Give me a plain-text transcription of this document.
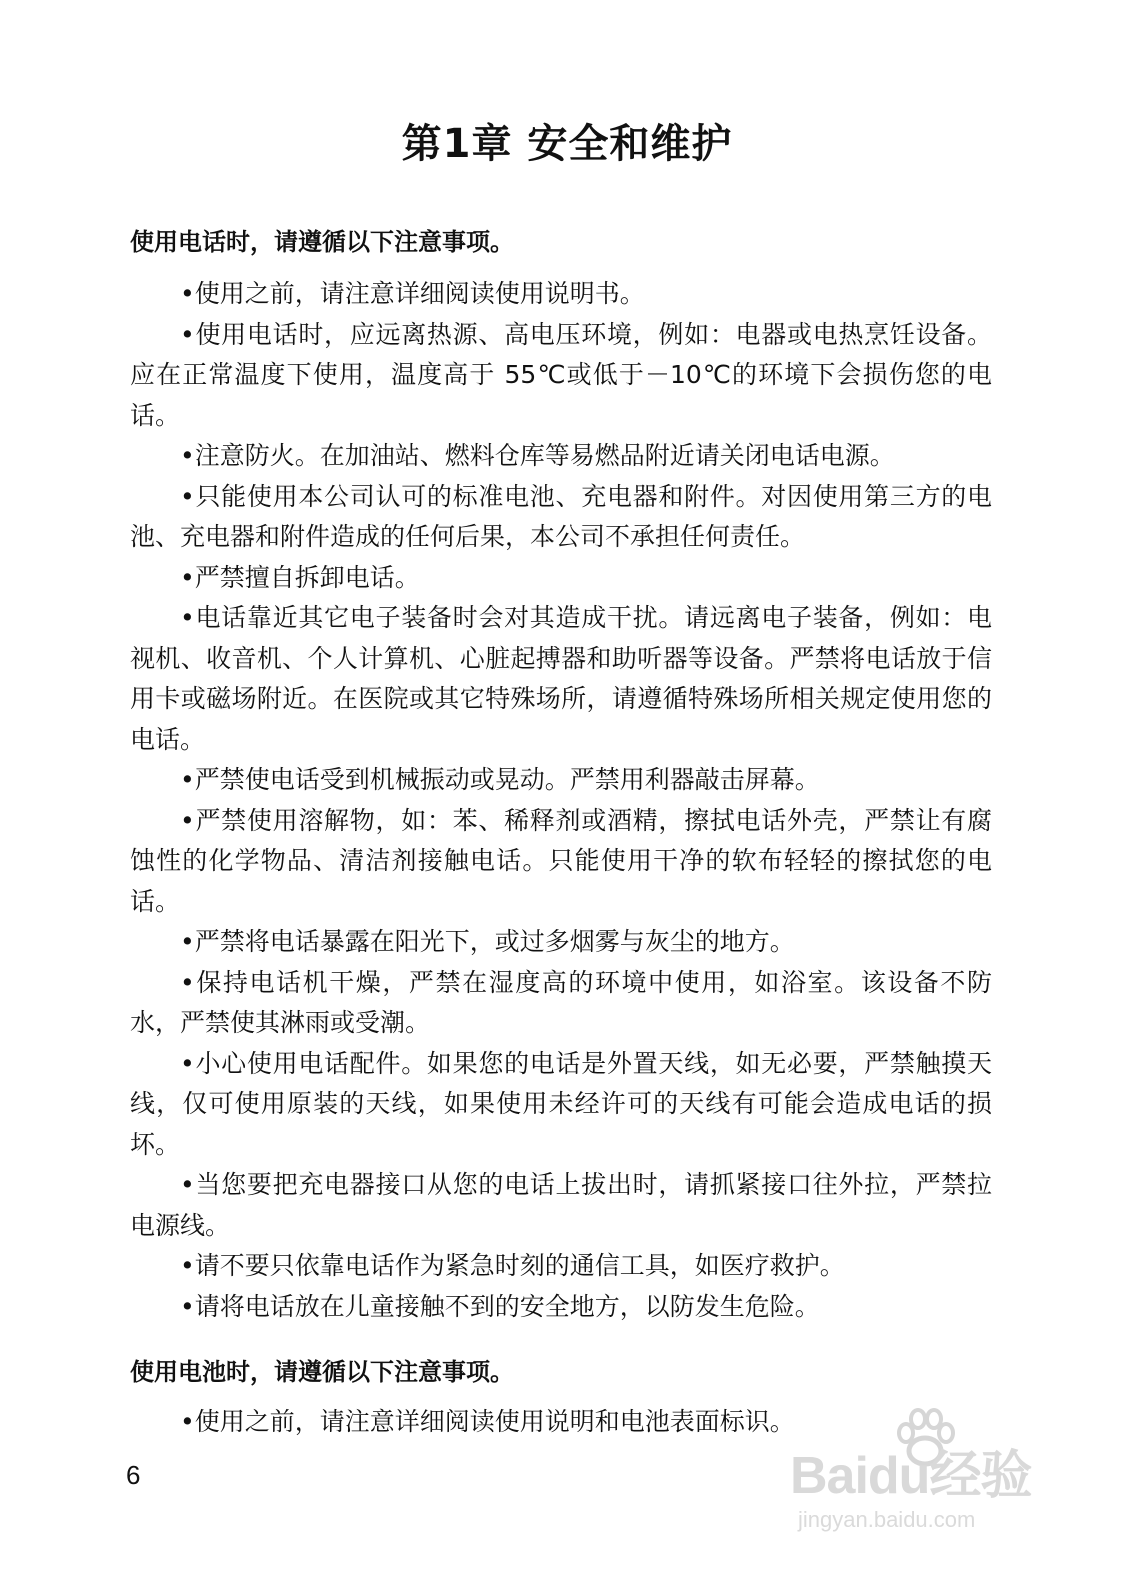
第1章 安全和维护
使用电话时，请遵循以下注意事项。

•使用之前，请注意详细阅读使用说明书。

•使用电话时，应远离热源、高电压环境，例如：电器或电热烹饪设备。应在正常温度下使用，温度高于 55℃或低于－10℃的环境下会损伤您的电话。

•注意防火。在加油站、燃料仓库等易燃品附近请关闭电话电源。

•只能使用本公司认可的标准电池、充电器和附件。对因使用第三方的电池、充电器和附件造成的任何后果，本公司不承担任何责任。

•严禁擅自拆卸电话。

•电话靠近其它电子装备时会对其造成干扰。请远离电子装备，例如：电视机、收音机、个人计算机、心脏起搏器和助听器等设备。严禁将电话放于信用卡或磁场附近。在医院或其它特殊场所，请遵循特殊场所相关规定使用您的电话。

•严禁使电话受到机械振动或晃动。严禁用利器敲击屏幕。

•严禁使用溶解物，如：苯、稀释剂或酒精，擦拭电话外壳，严禁让有腐蚀性的化学物品、清洁剂接触电话。只能使用干净的软布轻轻的擦拭您的电话。

•严禁将电话暴露在阳光下，或过多烟雾与灰尘的地方。

•保持电话机干燥，严禁在湿度高的环境中使用，如浴室。该设备不防水，严禁使其淋雨或受潮。

•小心使用电话配件。如果您的电话是外置天线，如无必要，严禁触摸天线，仅可使用原装的天线，如果使用未经许可的天线有可能会造成电话的损坏。

•当您要把充电器接口从您的电话上拔出时，请抓紧接口往外拉，严禁拉电源线。

•请不要只依靠电话作为紧急时刻的通信工具，如医疗救护。

•请将电话放在儿童接触不到的安全地方，以防发生危险。

使用电池时，请遵循以下注意事项。

•使用之前，请注意详细阅读使用说明和电池表面标识。

6	Baidu经验
jingyan.baidu.com
